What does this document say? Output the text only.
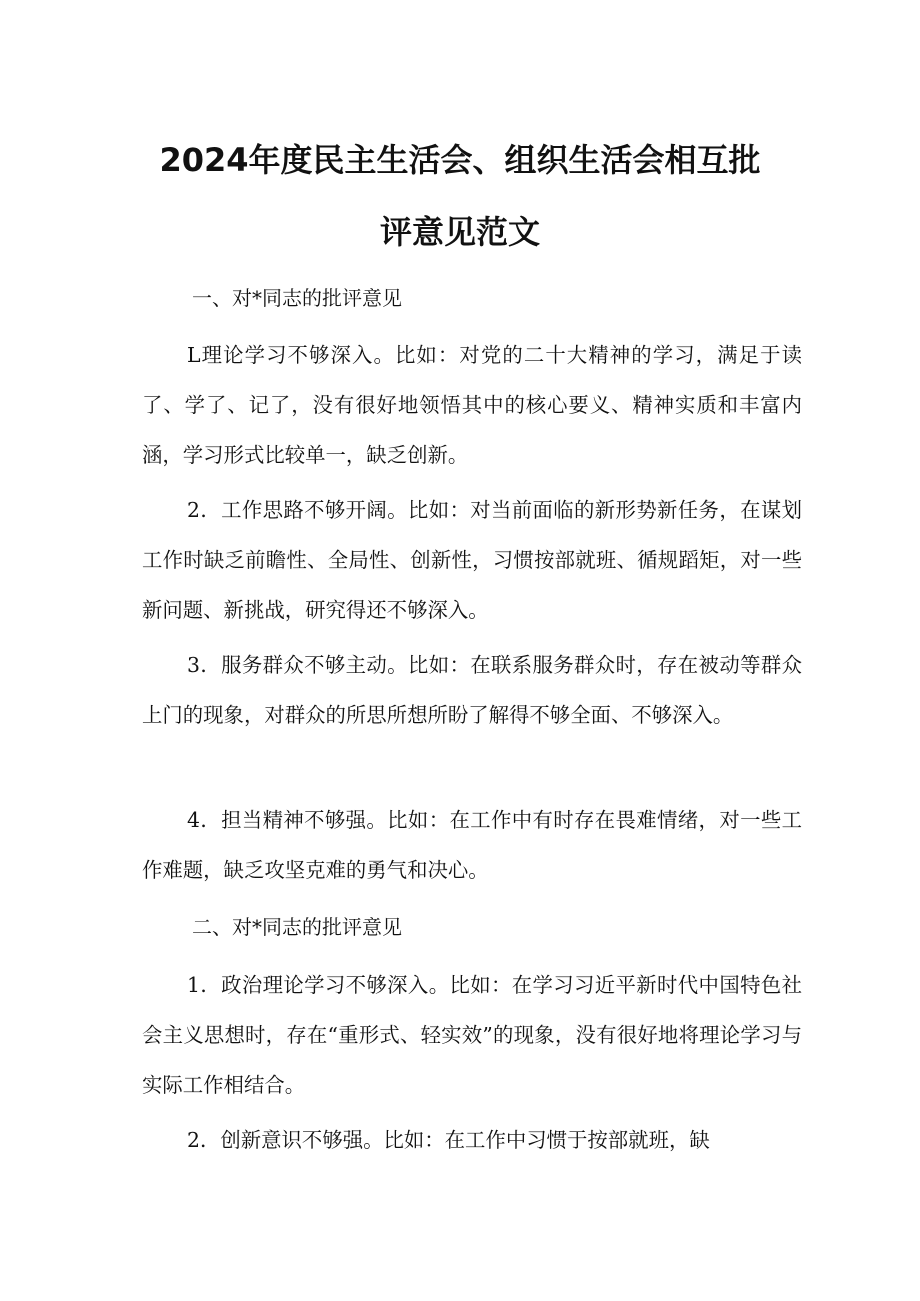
2024年度民主生活会、组织生活会相互批
评意见范文

一、对*同志的批评意见

L理论学习不够深入。比如：对党的二十大精神的学习，满足于读了、学了、记了，没有很好地领悟其中的核心要义、精神实质和丰富内涵，学习形式比较单一，缺乏创新。

2．工作思路不够开阔。比如：对当前面临的新形势新任务，在谋划工作时缺乏前瞻性、全局性、创新性，习惯按部就班、循规蹈矩，对一些新问题、新挑战，研究得还不够深入。

3．服务群众不够主动。比如：在联系服务群众时，存在被动等群众上门的现象，对群众的所思所想所盼了解得不够全面、不够深入。

4．担当精神不够强。比如：在工作中有时存在畏难情绪，对一些工作难题，缺乏攻坚克难的勇气和决心。

二、对*同志的批评意见

1．政治理论学习不够深入。比如：在学习习近平新时代中国特色社会主义思想时，存在“重形式、轻实效”的现象，没有很好地将理论学习与实际工作相结合。

2．创新意识不够强。比如：在工作中习惯于按部就班，缺
